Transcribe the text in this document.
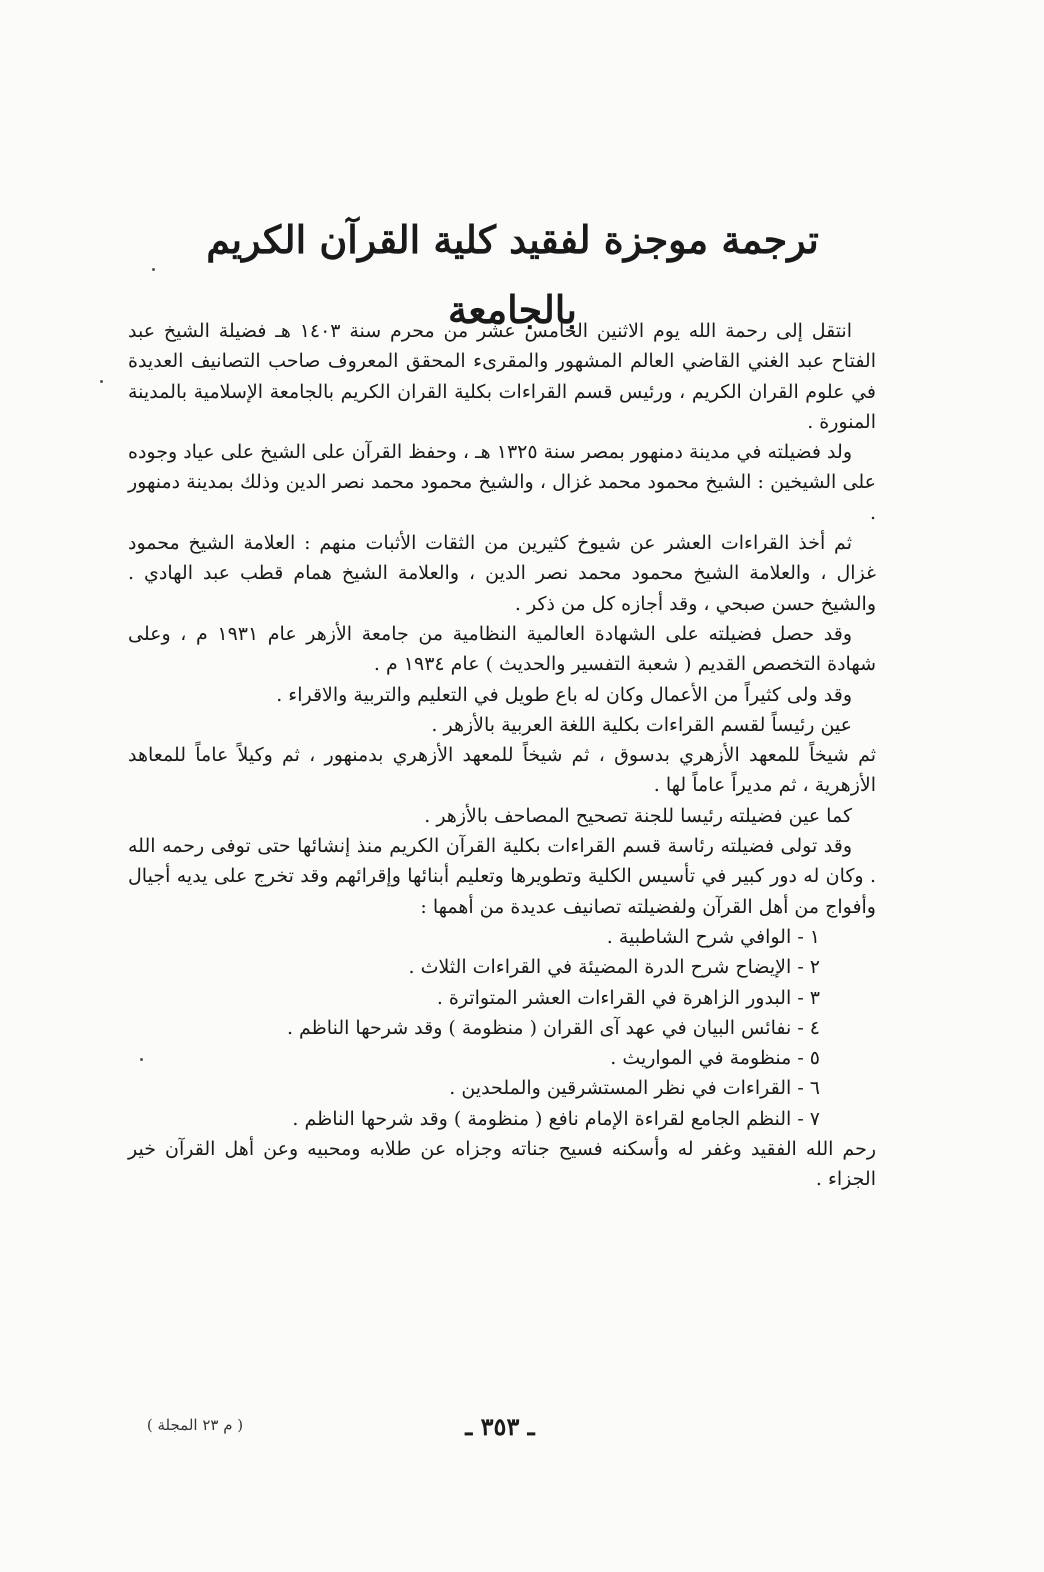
ترجمة موجزة لفقيد كلية القرآن الكريم بالجامعة

انتقل إلى رحمة الله يوم الاثنين الخامس عشر من محرم سنة ١٤٠٣ هـ فضيلة الشيخ عبد الفتاح عبد الغني القاضي العالم المشهور والمقرىء المحقق المعروف صاحب التصانيف العديدة في علوم القران الكريم ، ورئيس قسم القراءات بكلية القران الكريم بالجامعة الإسلامية بالمدينة المنورة .

ولد فضيلته في مدينة دمنهور بمصر سنة ١٣٢٥ هـ ، وحفظ القرآن على الشيخ على عياد وجوده على الشيخين : الشيخ محمود محمد غزال ، والشيخ محمود محمد نصر الدين وذلك بمدينة دمنهور .

ثم أخذ القراءات العشر عن شيوخ كثيرين من الثقات الأثبات منهم : العلامة الشيخ محمود غزال ، والعلامة الشيخ محمود محمد نصر الدين ، والعلامة الشيخ همام قطب عبد الهادي . والشيخ حسن صبحي ، وقد أجازه كل من ذكر .

وقد حصل فضيلته على الشهادة العالمية النظامية من جامعة الأزهر عام ١٩٣١ م ، وعلى شهادة التخصص القديم ( شعبة التفسير والحديث ) عام ١٩٣٤ م .

وقد ولى كثيراً من الأعمال وكان له باع طويل في التعليم والتربية والاقراء .

عين رئيساً لقسم القراءات بكلية اللغة العربية بالأزهر .

ثم شيخاً للمعهد الأزهري بدسوق ، ثم شيخاً للمعهد الأزهري بدمنهور ، ثم وكيلاً عاماً للمعاهد الأزهرية ، ثم مديراً عاماً لها .

كما عين فضيلته رئيسا للجنة تصحيح المصاحف بالأزهر .

وقد تولى فضيلته رئاسة قسم القراءات بكلية القرآن الكريم منذ إنشائها حتى توفى رحمه الله . وكان له دور كبير في تأسيس الكلية وتطويرها وتعليم أبنائها وإقرائهم وقد تخرج على يديه أجيال وأفواج من أهل القرآن ولفضيلته تصانيف عديدة من أهمها :

١ - الوافي شرح الشاطبية .
٢ - الإيضاح شرح الدرة المضيئة في القراءات الثلاث .
٣ - البدور الزاهرة في القراءات العشر المتواترة .
٤ - نفائس البيان في عهد آى القران ( منظومة ) وقد شرحها الناظم .
٥ - منظومة في المواريث .
٦ - القراءات في نظر المستشرقين والملحدين .
٧ - النظم الجامع لقراءة الإمام نافع ( منظومة ) وقد شرحها الناظم .

رحم الله الفقيد وغفر له وأسكنه فسيح جناته وجزاه عن طلابه ومحبيه وعن أهل القرآن خير الجزاء .

ـ ٣٥٣ ـ
( م ٢٣ المجلة )
